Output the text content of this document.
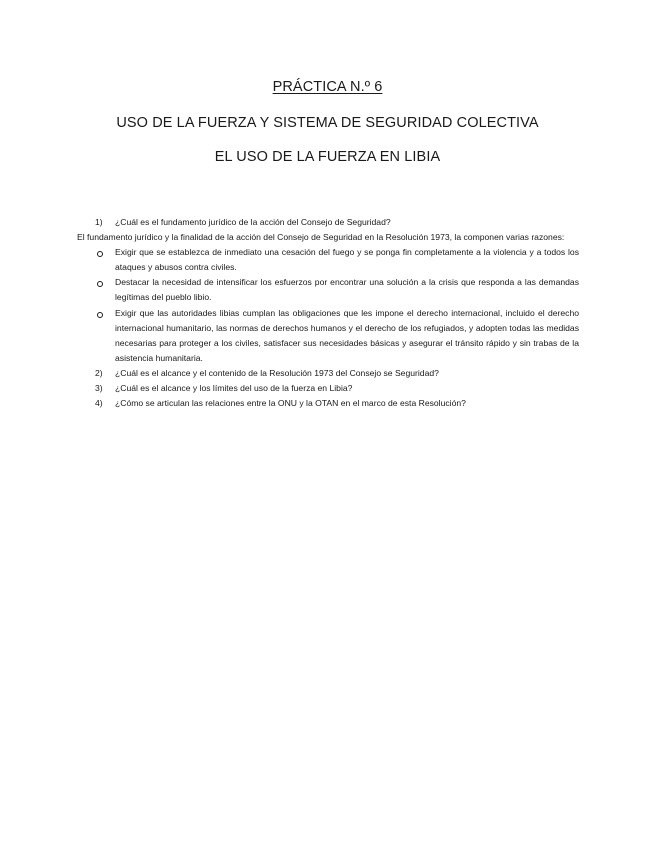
PRÁCTICA N.º 6
USO DE LA FUERZA Y SISTEMA DE SEGURIDAD COLECTIVA
EL USO DE LA FUERZA EN LIBIA
1) ¿Cuál es el fundamento jurídico de la acción del Consejo de Seguridad?
El fundamento jurídico y la finalidad de la acción del Consejo de Seguridad en la Resolución 1973, la componen varias razones:
Exigir que se establezca de inmediato una cesación del fuego y se ponga fin completamente a la violencia y a todos los ataques y abusos contra civiles.
Destacar la necesidad de intensificar los esfuerzos por encontrar una solución a la crisis que responda a las demandas legítimas del pueblo libio.
Exigir que las autoridades libias cumplan las obligaciones que les impone el derecho internacional, incluido el derecho internacional humanitario, las normas de derechos humanos y el derecho de los refugiados, y adopten todas las medidas necesarias para proteger a los civiles, satisfacer sus necesidades básicas y asegurar el tránsito rápido y sin trabas de la asistencia humanitaria.
2) ¿Cuál es el alcance y el contenido de la Resolución 1973 del Consejo se Seguridad?
3) ¿Cuál es el alcance y los límites del uso de la fuerza en Libia?
4) ¿Cómo se articulan las relaciones entre la ONU y la OTAN en el marco de esta Resolución?
